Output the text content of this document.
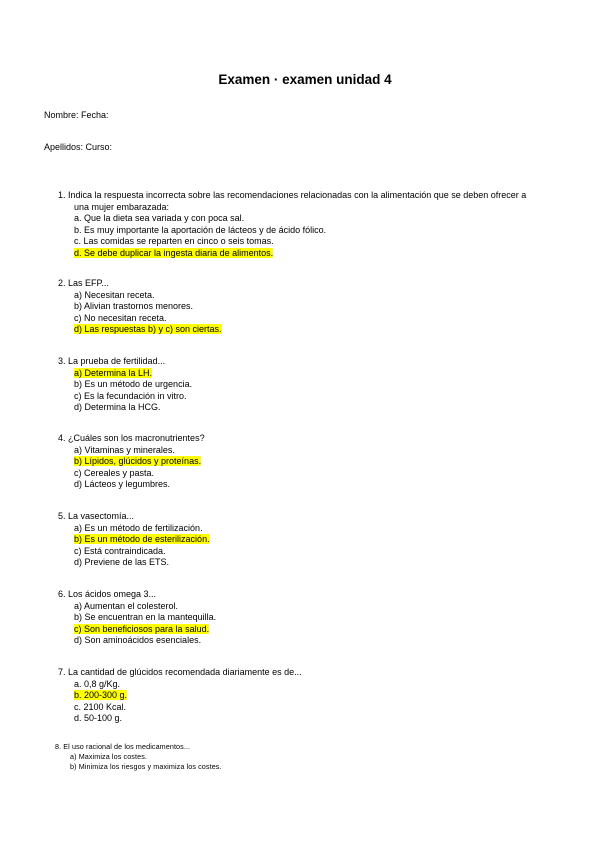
Examen · examen unidad 4
Nombre: Fecha:
Apellidos: Curso:
1. Indica la respuesta incorrecta sobre las recomendaciones relacionadas con la alimentación que se deben ofrecer a
una mujer embarazada:
a. Que la dieta sea variada y con poca sal.
b. Es muy importante la aportación de lácteos y de ácido fólico.
c. Las comidas se reparten en cinco o seis tomas.
d. Se debe duplicar la ingesta diaria de alimentos.
2. Las EFP...
a) Necesitan receta.
b) Alivian trastornos menores.
c) No necesitan receta.
d) Las respuestas b) y c) son ciertas.
3. La prueba de fertilidad...
a) Determina la LH.
b) Es un método de urgencia.
c) Es la fecundación in vitro.
d) Determina la HCG.
4. ¿Cuáles son los macronutrientes?
a) Vitaminas y minerales.
b) Lípidos, glúcidos y proteínas.
c) Cereales y pasta.
d) Lácteos y legumbres.
5. La vasectomía...
a) Es un método de fertilización.
b) Es un método de esterilización.
c) Está contraindicada.
d) Previene de las ETS.
6. Los ácidos omega 3...
a) Aumentan el colesterol.
b) Se encuentran en la mantequilla.
c) Son beneficiosos para la salud.
d) Son aminoácidos esenciales.
7. La cantidad de glúcidos recomendada diariamente es de...
a. 0,8 g/Kg.
b. 200-300 g.
c. 2100 Kcal.
d. 50-100 g.
8. El uso racional de los medicamentos...
a) Maximiza los costes.
b) Minimiza los riesgos y maximiza los costes.
